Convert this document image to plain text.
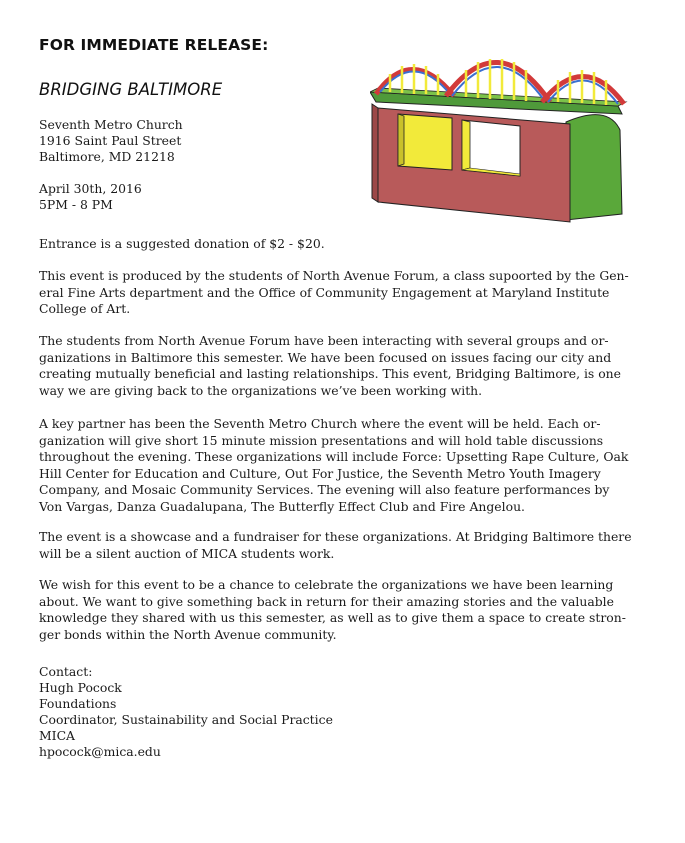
FOR IMMEDIATE RELEASE:
BRIDGING BALTIMORE
Seventh Metro Church
1916 Saint Paul Street
Baltimore, MD 21218
April 30th, 2016
5PM - 8 PM
Entrance is a suggested donation of $2 - $20.
This event is produced by the students of North Avenue Forum, a class supoorted by the Gen-
eral Fine Arts department and the Office of Community Engagement at Maryland Institute
College of Art.
The students from North Avenue Forum have been interacting with several groups and or-
ganizations in Baltimore this semester. We have been focused on issues facing our city and
creating mutually beneficial and lasting relationships. This event, Bridging Baltimore, is one
way we are giving back to the organizations we’ve been working with.
A key partner has been the Seventh Metro Church where the event will be held. Each or-
ganization will give short 15 minute mission presentations and will hold table discussions
throughout the evening. These organizations will include Force: Upsetting Rape Culture, Oak
Hill Center for Education and Culture, Out For Justice, the Seventh Metro Youth Imagery
Company, and Mosaic Community Services. The evening will also feature performances by
Von Vargas, Danza Guadalupana, The Butterfly Effect Club and Fire Angelou.
The event is a showcase and a fundraiser for these organizations. At Bridging Baltimore there
will be a silent auction of MICA students work.
We wish for this event to be a chance to celebrate the organizations we have been learning
about. We want to give something back in return for their amazing stories and the valuable
knowledge they shared with us this semester, as well as to give them a space to create stron-
ger bonds within the North Avenue community.
Contact:
Hugh Pocock
Foundations
Coordinator, Sustainability and Social Practice
MICA
hpocock@mica.edu
